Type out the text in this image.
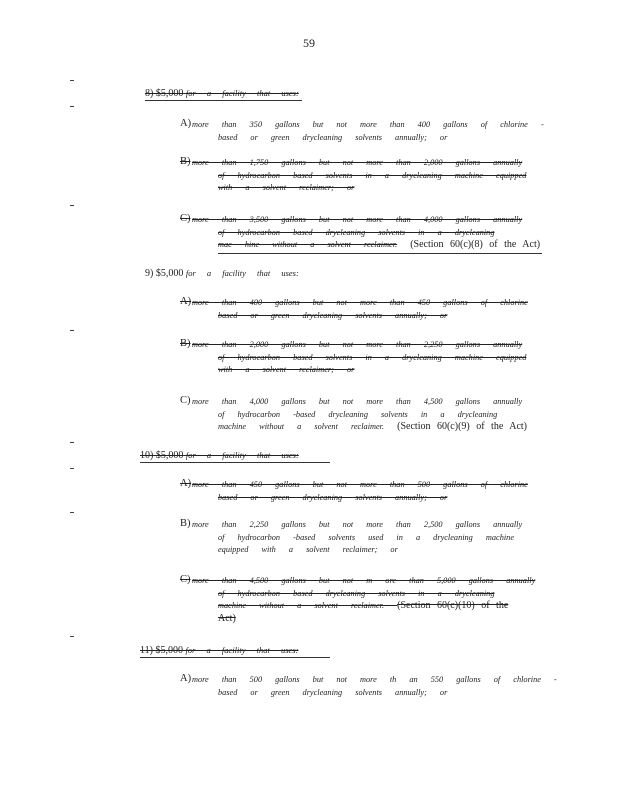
59
8) $5,000 for a facility that uses:
A) more than 350 gallons but not more than 400 gallons of chlorine -
based or green drycleaning solvents annually; or
B) more than 1,750 gallons but not more than 2,000 gallons annually
of hydrocarbon based solvents in a drycleaning machine equipped
with a solvent reclaimer; or
C) more than 3,500 gallons but not more than 4,000 gallons annually
of hydrocarbon based drycleaning solvents in a drycleaning
mac hine without a solvent reclaimer. (Section 60(c)(8) of the Act)
9) $5,000 for a facility that uses:
A) more than 400 gallons but not more than 450 gallons of chlorine
based or green drycleaning solvents annually; or
B) more than 2,000 gallons but not more than 2,250 gallons annually
of hydrocarbon based solvents in a drycleaning machine equipped
with a solvent reclaimer; or
C) more than 4,000 gallons but not more than 4,500 gallons annually
of hydrocarbon -based drycleaning solvents in a drycleaning
machine without a solvent reclaimer. (Section 60(c)(9) of the Act)
10) $5,000 for a facility that uses:
A) more than 450 gallons but not more than 500 gallons of chlorine
based or green drycleaning solvents annually; or
B) more than 2,250 gallons but not more than 2,500 gallons annually
of hydrocarbon -based solvents used in a drycleaning machine
equipped with a solvent reclaimer; or
C) more than 4,500 gallons but not m ore than 5,000 gallons annually
of hydrocarbon based drycleaning solvents in a drycleaning
machine without a solvent reclaimer. (Section 60(c)(10) of the
Act)
11) $5,000 for a facility that uses:
A) more than 500 gallons but not more th an 550 gallons of chlorine -
based or green drycleaning solvents annually; or
